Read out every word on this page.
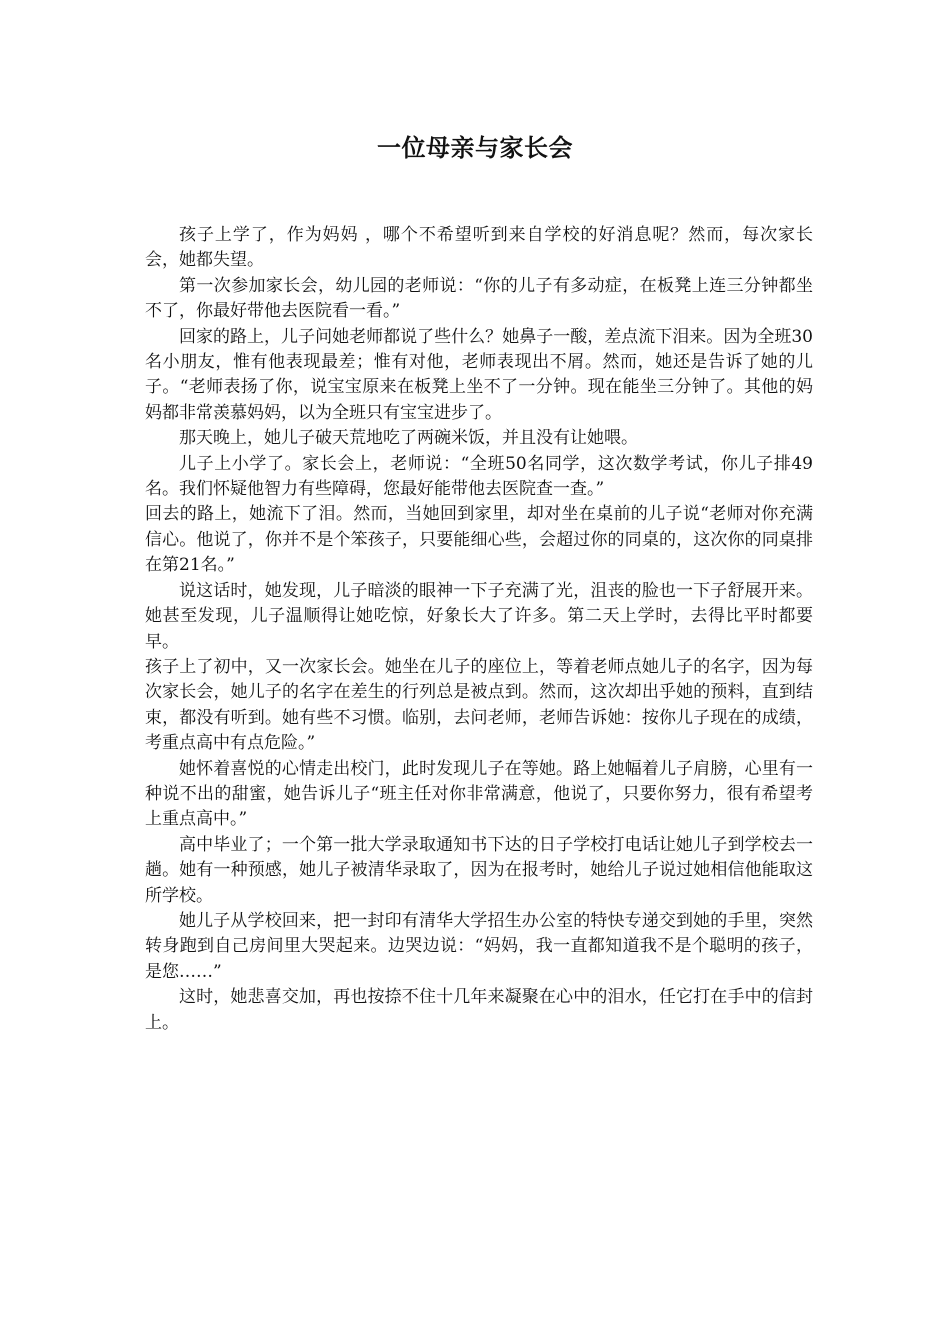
一位母亲与家长会

孩子上学了，作为妈妈 ，哪个不希望听到来自学校的好消息呢？然而，每次家长会，她都失望。

第一次参加家长会，幼儿园的老师说：“你的儿子有多动症，在板凳上连三分钟都坐不了，你最好带他去医院看一看。”

回家的路上，儿子问她老师都说了些什么？她鼻子一酸，差点流下泪来。因为全班30名小朋友，惟有他表现最差；惟有对他，老师表现出不屑。然而，她还是告诉了她的儿子。“老师表扬了你，说宝宝原来在板凳上坐不了一分钟。现在能坐三分钟了。其他的妈妈都非常羡慕妈妈，以为全班只有宝宝进步了。

那天晚上，她儿子破天荒地吃了两碗米饭，并且没有让她喂。

儿子上小学了。家长会上，老师说：“全班50名同学，这次数学考试，你儿子排49名。我们怀疑他智力有些障碍，您最好能带他去医院查一查。”

回去的路上，她流下了泪。然而，当她回到家里，却对坐在桌前的儿子说“老师对你充满信心。他说了，你并不是个笨孩子，只要能细心些，会超过你的同桌的，这次你的同桌排在第21名。”

说这话时，她发现，儿子暗淡的眼神一下子充满了光，沮丧的脸也一下子舒展开来。她甚至发现，儿子温顺得让她吃惊，好象长大了许多。第二天上学时，去得比平时都要早。

孩子上了初中，又一次家长会。她坐在儿子的座位上，等着老师点她儿子的名字，因为每次家长会，她儿子的名字在差生的行列总是被点到。然而，这次却出乎她的预料，直到结束，都没有听到。她有些不习惯。临别，去问老师，老师告诉她：按你儿子现在的成绩，考重点高中有点危险。”

她怀着喜悦的心情走出校门，此时发现儿子在等她。路上她幅着儿子肩膀，心里有一种说不出的甜蜜，她告诉儿子“班主任对你非常满意，他说了，只要你努力，很有希望考上重点高中。”

高中毕业了；一个第一批大学录取通知书下达的日子学校打电话让她儿子到学校去一趟。她有一种预感，她儿子被清华录取了，因为在报考时，她给儿子说过她相信他能取这所学校。

她儿子从学校回来，把一封印有清华大学招生办公室的特快专递交到她的手里，突然转身跑到自己房间里大哭起来。边哭边说：“妈妈，我一直都知道我不是个聪明的孩子，是您……”

这时，她悲喜交加，再也按捺不住十几年来凝聚在心中的泪水，任它打在手中的信封上。
